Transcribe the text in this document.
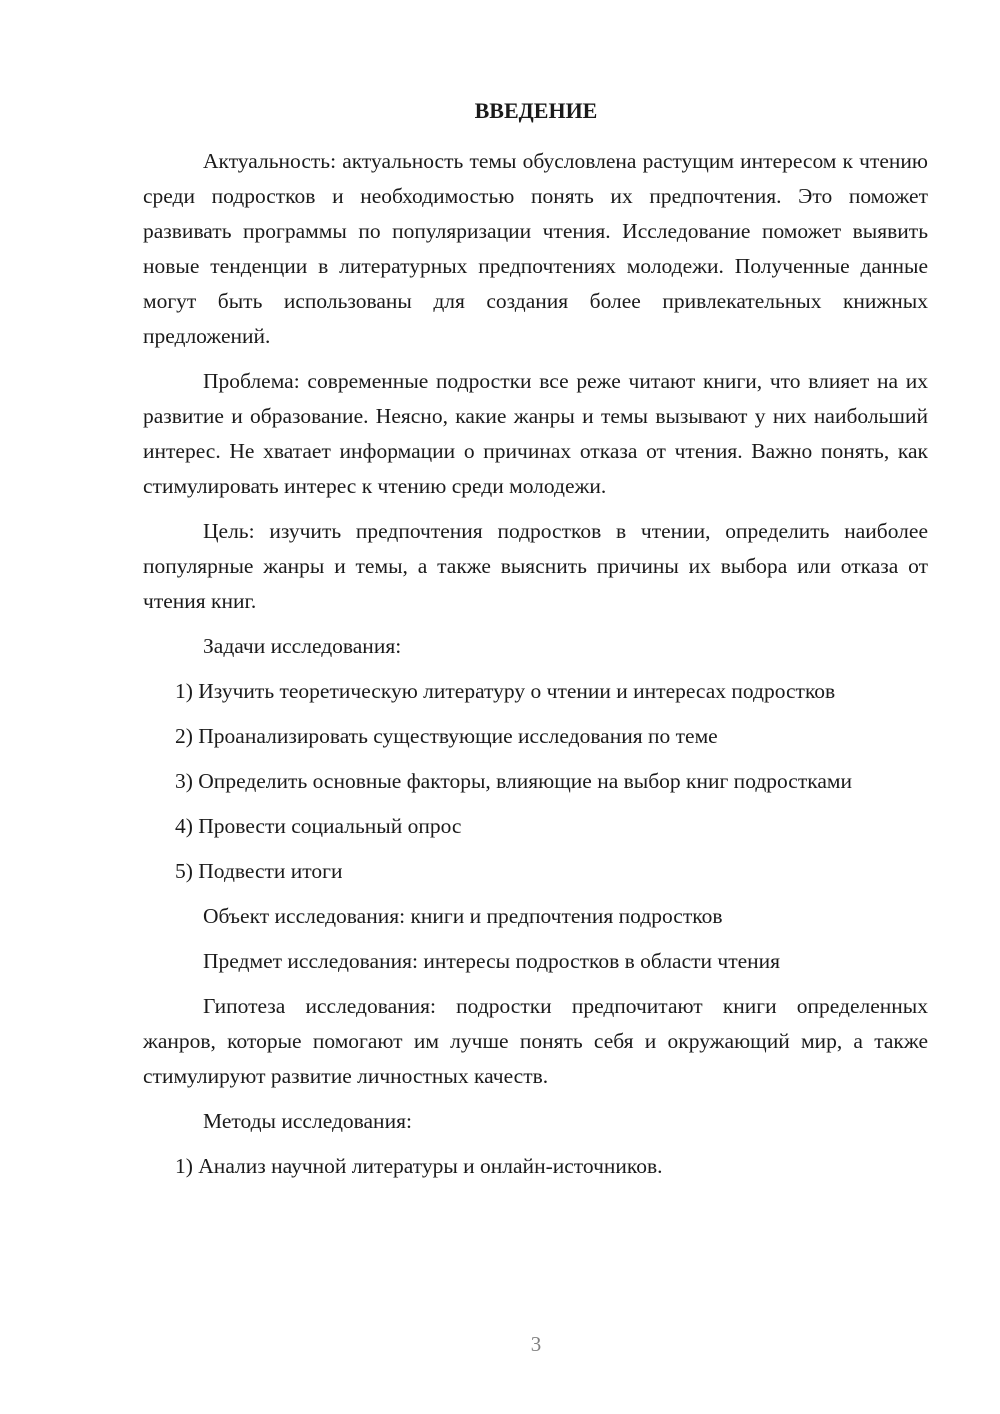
ВВЕДЕНИЕ

Актуальность: актуальность темы обусловлена растущим интересом к чтению среди подростков и необходимостью понять их предпочтения. Это поможет развивать программы по популяризации чтения. Исследование поможет выявить новые тенденции в литературных предпочтениях молодежи. Полученные данные могут быть использованы для создания более привлекательных книжных предложений.

Проблема: современные подростки все реже читают книги, что влияет на их развитие и образование. Неясно, какие жанры и темы вызывают у них наибольший интерес. Не хватает информации о причинах отказа от чтения. Важно понять, как стимулировать интерес к чтению среди молодежи.

Цель: изучить предпочтения подростков в чтении, определить наиболее популярные жанры и темы, а также выяснить причины их выбора или отказа от чтения книг.

Задачи исследования:

1) Изучить теоретическую литературу о чтении и интересах подростков

2) Проанализировать существующие исследования по теме

3) Определить основные факторы, влияющие на выбор книг подростками

4) Провести социальный опрос

5) Подвести итоги

Объект исследования: книги и предпочтения подростков

Предмет исследования: интересы подростков в области чтения

Гипотеза исследования: подростки предпочитают книги определенных жанров, которые помогают им лучше понять себя и окружающий мир, а также стимулируют развитие личностных качеств.

Методы исследования:

1) Анализ научной литературы и онлайн-источников.

3
